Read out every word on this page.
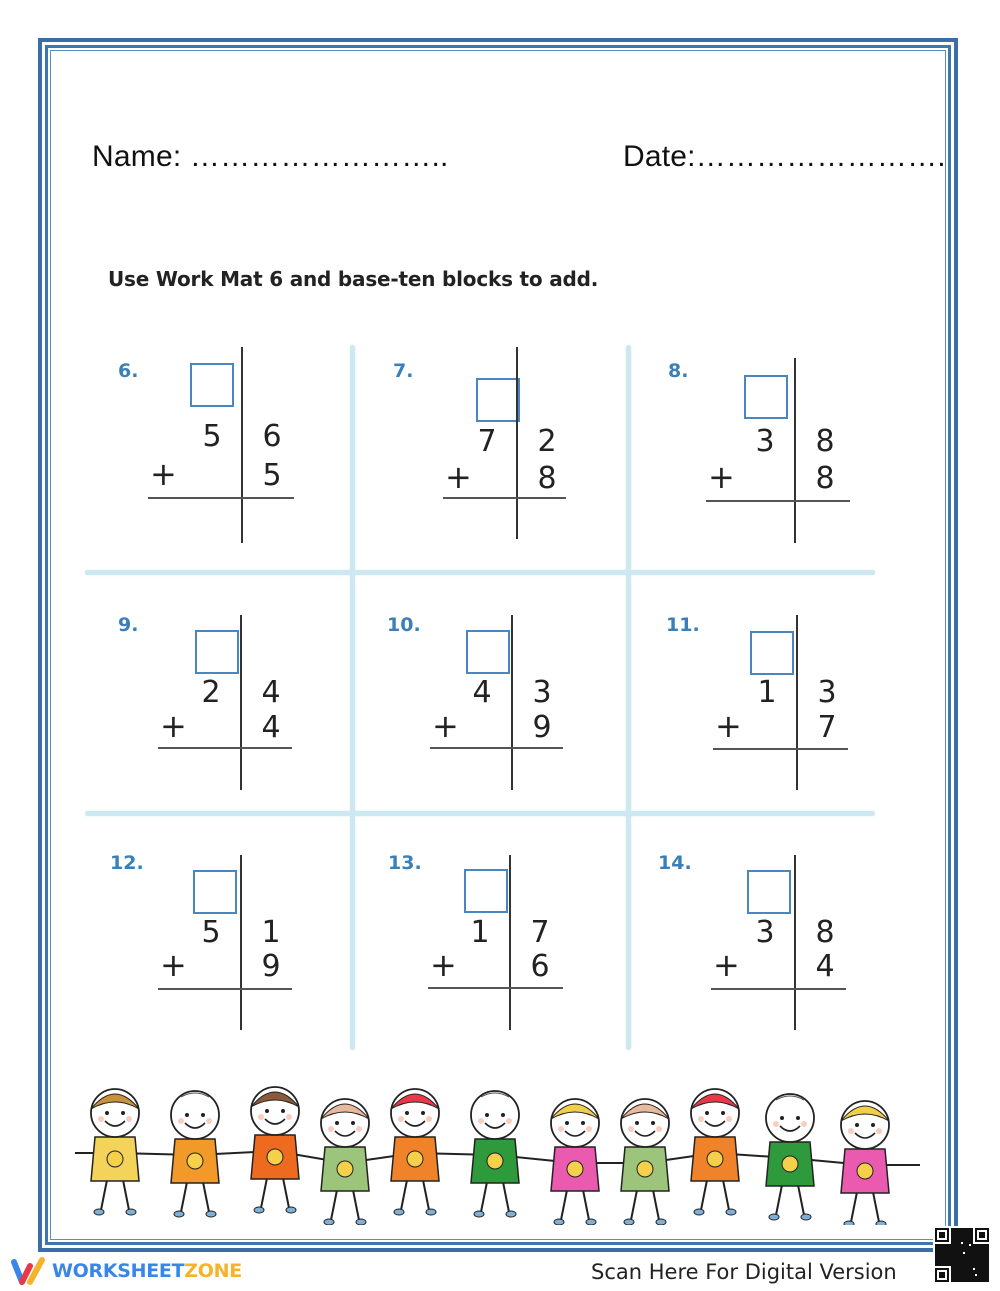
Name: ……………………..	Date:…………………….
Use Work Mat 6 and base-ten blocks to add.
6.
5 6
+	5
7.
7 2
+ 8
8.
3 8
+	8
9.
2 4
+ 4
10.
4 3
+ 9
11.
1 3
+	7
12.
5 1
+ 9
13.
1 7
+ 6
14.
3 8
+	4
WORKSHEETZONE	Scan Here For Digital Version
